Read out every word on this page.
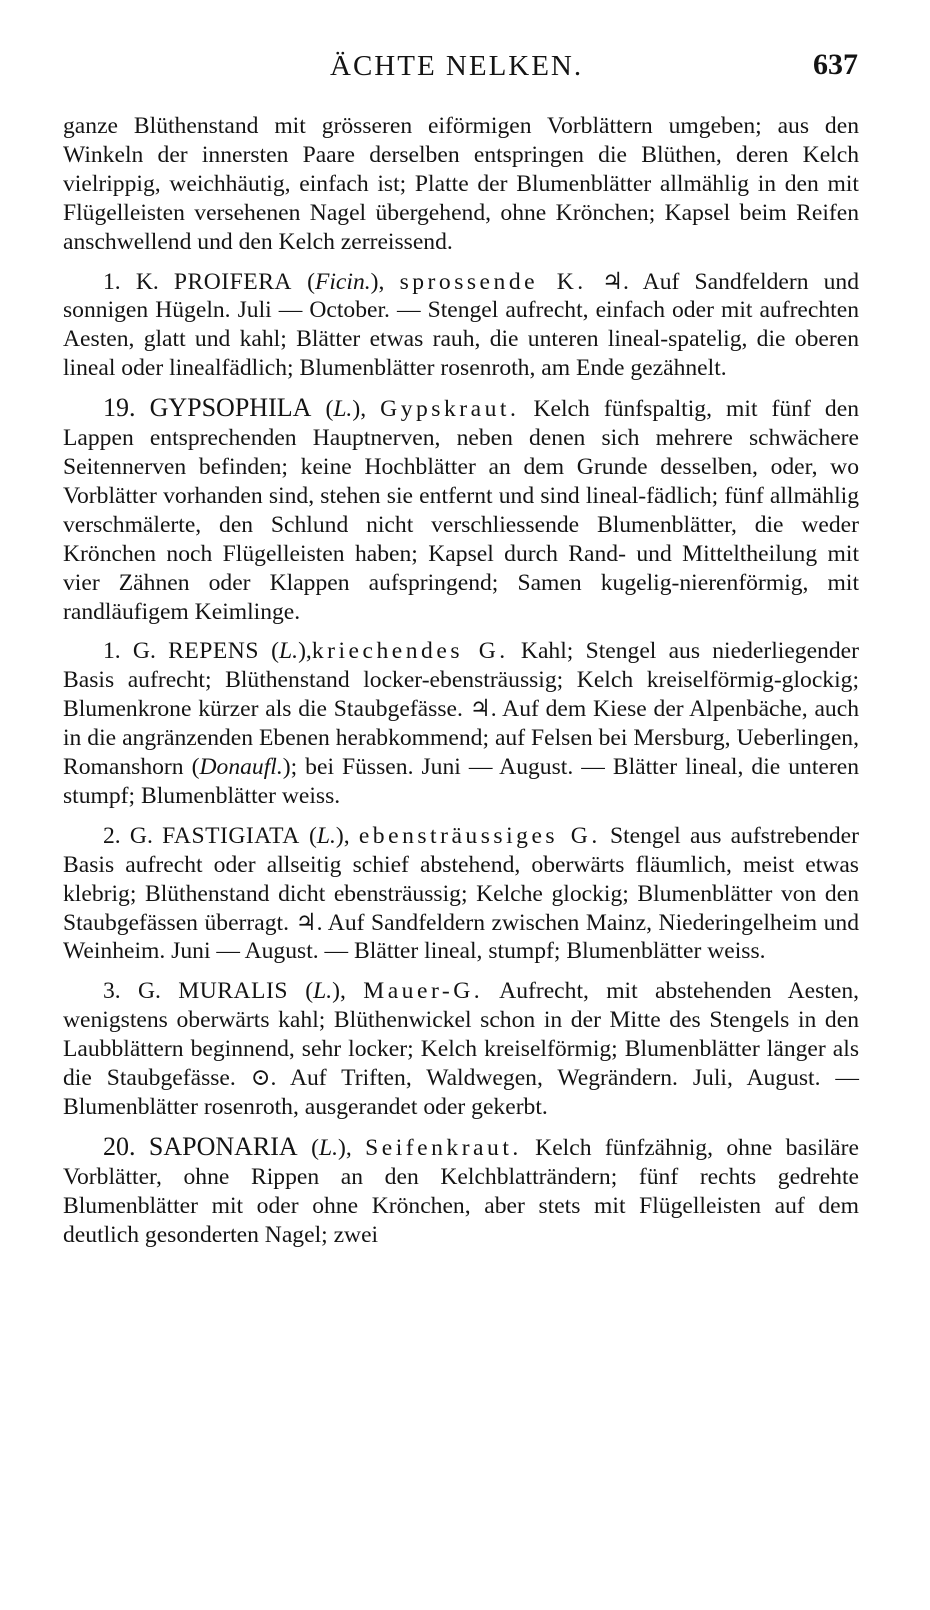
ÄCHTE NELKEN.	637

ganze Blüthenstand mit grösseren eiförmigen Vorblättern umgeben; aus den Winkeln der innersten Paare derselben entspringen die Blüthen, deren Kelch vielrippig, weichhäutig, einfach ist; Platte der Blumenblätter allmählig in den mit Flügelleisten versehenen Nagel übergehend, ohne Krönchen; Kapsel beim Reifen anschwellend und den Kelch zerreissend.

1. K. PROIFERA (Ficin.), sprossende K. ♃. Auf Sandfeldern und sonnigen Hügeln. Juli — October. — Stengel aufrecht, einfach oder mit aufrechten Aesten, glatt und kahl; Blätter etwas rauh, die unteren lineal-spatelig, die oberen lineal oder linealfädlich; Blumenblätter rosenroth, am Ende gezähnelt.

19. GYPSOPHILA (L.), Gypskraut. Kelch fünfspaltig, mit fünf den Lappen entsprechenden Hauptnerven, neben denen sich mehrere schwächere Seitennerven befinden; keine Hochblätter an dem Grunde desselben, oder, wo Vorblätter vorhanden sind, stehen sie entfernt und sind lineal-fädlich; fünf allmählig verschmälerte, den Schlund nicht verschliessende Blumenblätter, die weder Krönchen noch Flügelleisten haben; Kapsel durch Rand- und Mitteltheilung mit vier Zähnen oder Klappen aufspringend; Samen kugelig-nierenförmig, mit randläufigem Keimlinge.

1. G. REPENS (L.),kriechendes G. Kahl; Stengel aus niederliegender Basis aufrecht; Blüthenstand locker-ebensträussig; Kelch kreiselförmig-glockig; Blumenkrone kürzer als die Staubgefässe. ♃. Auf dem Kiese der Alpenbäche, auch in die angränzenden Ebenen herabkommend; auf Felsen bei Mersburg, Ueberlingen, Romanshorn (Donaufl.); bei Füssen. Juni — August. — Blätter lineal, die unteren stumpf; Blumenblätter weiss.

2. G. FASTIGIATA (L.), ebensträussiges G. Stengel aus aufstrebender Basis aufrecht oder allseitig schief abstehend, oberwärts fläumlich, meist etwas klebrig; Blüthenstand dicht ebensträussig; Kelche glockig; Blumenblätter von den Staubgefässen überragt. ♃. Auf Sandfeldern zwischen Mainz, Niederingelheim und Weinheim. Juni — August. — Blätter lineal, stumpf; Blumenblätter weiss.

3. G. MURALIS (L.), Mauer-G. Aufrecht, mit abstehenden Aesten, wenigstens oberwärts kahl; Blüthenwickel schon in der Mitte des Stengels in den Laubblättern beginnend, sehr locker; Kelch kreiselförmig; Blumenblätter länger als die Staubgefässe. ⊙. Auf Triften, Waldwegen, Wegrändern. Juli, August. — Blumenblätter rosenroth, ausgerandet oder gekerbt.

20. SAPONARIA (L.), Seifenkraut. Kelch fünfzähnig, ohne basiläre Vorblätter, ohne Rippen an den Kelchblatträndern; fünf rechts gedrehte Blumenblätter mit oder ohne Krönchen, aber stets mit Flügelleisten auf dem deutlich gesonderten Nagel; zwei
